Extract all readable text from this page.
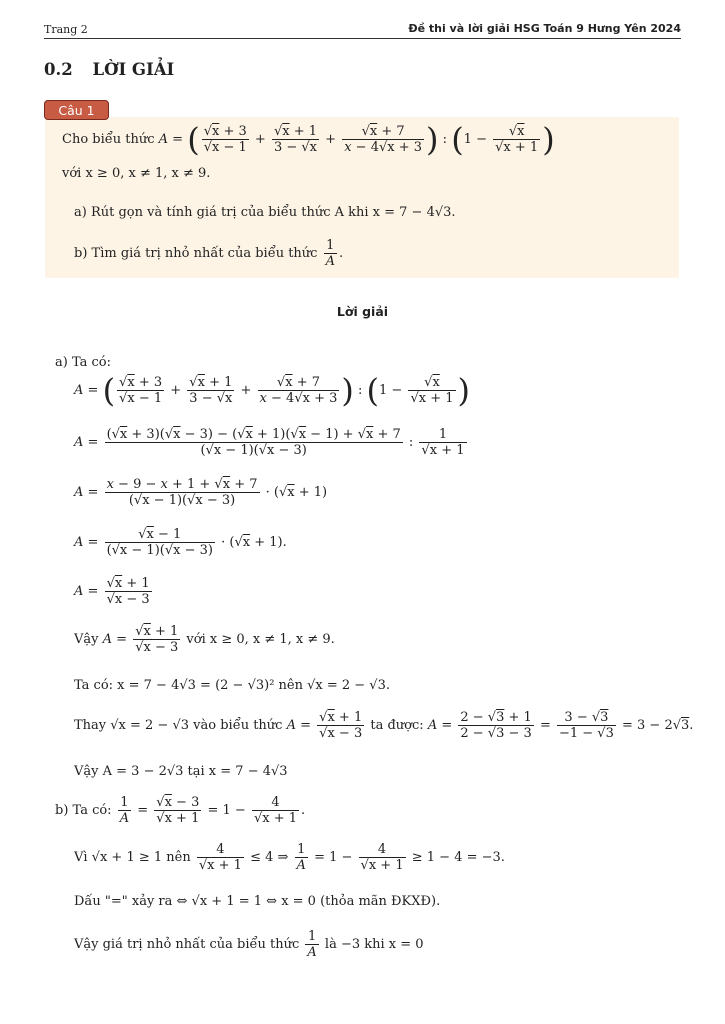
Trang 2	Đề thi và lời giải HSG Toán 9 Hưng Yên 2024
0.2 LỜI GIẢI
Câu 1
Cho biểu thức A = ( $\frac{√x + 3}{√x - 1} + \frac{√x + 1}{3 - √x} + \frac{√x + 7}{x - 4√x + 3}$ ) : ($1 - \frac{√x}{√x + 1}$ )
với x ≥ 0, x ≠ 1, x ≠ 9.
a) Rút gọn và tính giá trị của biểu thức A khi x = 7 − 4√3.
b) Tìm giá trị nhỏ nhất của biểu thức $\frac{1}{A}$ .
Lời giải
a) Ta có:
A = ( $\frac{√x + 3}{√x - 1} + \frac{√x + 1}{3 - √x} + \frac{√x + 7}{x - 4√x + 3}$ ) : ($1 - \frac{√x}{√x + 1}$ )
$A = \frac{(√x + 3)(√x - 3) - (√x + 1)(√x - 1) + √x + 7}{(√x - 1)(√x - 3)}$ : $\frac{1}{√x + 1}$
$A = \frac{x - 9 - x + 1 + √x + 7}{(√x - 1)(√x - 3)} \cdot (√x + 1)$
$A = \frac{√x - 1}{(√x - 1)(√x - 3)} \cdot (√x + 1)$.
$A = \frac{√x + 1}{√x - 3}$
Vậy $A = \frac{√x + 1}{√x - 3}$ với x ≥ 0, x ≠ 1, x ≠ 9.
Ta có: x = 7 − 4√3 = (2 − √3)² nên √x = 2 − √3.
Thay √x = 2 − √3 vào biểu thức $A = \frac{√x + 1}{√x - 3}$ ta được: $A = \frac{2 - √3 + 1}{2 - √3 - 3} = \frac{3 - √3}{-1 - √3} = 3 - 2√3$.
Vậy A = 3 − 2√3 tại x = 7 − 4√3
b) Ta có: $\frac{1}{A} = \frac{√x - 3}{√x + 1} = 1 - \frac{4}{√x + 1}$ .
Vì √x + 1 ≥ 1 nên $\frac{4}{√x + 1} \le 4$ ⇒ $\frac{1}{A} = 1 - \frac{4}{√x + 1} \ge 1 - 4 = -3$.
Dấu "=" xảy ra ⇔ √x + 1 = 1 ⇔ x = 0 (thỏa mãn ĐKXĐ).
Vậy giá trị nhỏ nhất của biểu thức $\frac{1}{A}$ là −3 khi x = 0
